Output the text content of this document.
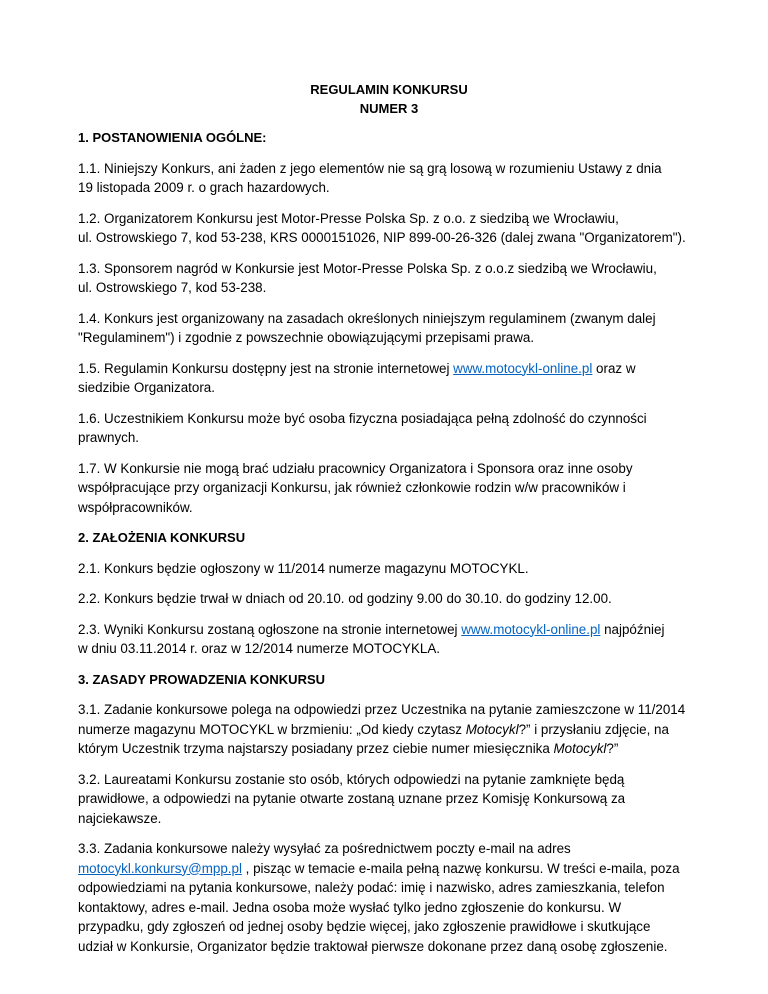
REGULAMIN KONKURSU
NUMER 3
1. POSTANOWIENIA OGÓLNE:
1.1. Niniejszy Konkurs, ani żaden z jego elementów nie są grą losową w rozumieniu Ustawy z dnia
19 listopada 2009 r. o grach hazardowych.
1.2. Organizatorem Konkursu jest Motor-Presse Polska Sp. z o.o. z siedzibą we Wrocławiu,
ul. Ostrowskiego 7, kod 53-238, KRS 0000151026, NIP 899-00-26-326 (dalej zwana "Organizatorem").
1.3. Sponsorem nagród w Konkursie jest Motor-Presse Polska Sp. z o.o.z siedzibą we Wrocławiu,
ul. Ostrowskiego 7, kod 53-238.
1.4. Konkurs jest organizowany na zasadach określonych niniejszym regulaminem (zwanym dalej
"Regulaminem") i zgodnie z powszechnie obowiązującymi przepisami prawa.
1.5. Regulamin Konkursu dostępny jest na stronie internetowej www.motocykl-online.pl oraz w
siedzibie Organizatora.
1.6. Uczestnikiem Konkursu może być osoba fizyczna posiadająca pełną zdolność do czynności
prawnych.
1.7. W Konkursie nie mogą brać udziału pracownicy Organizatora i Sponsora oraz inne osoby
współpracujące przy organizacji Konkursu, jak również członkowie rodzin w/w pracowników i
współpracowników.
2. ZAŁOŻENIA KONKURSU
2.1. Konkurs będzie ogłoszony w 11/2014 numerze magazynu MOTOCYKL.
2.2. Konkurs będzie trwał w dniach od 20.10. od godziny 9.00 do 30.10. do godziny 12.00.
2.3. Wyniki Konkursu zostaną ogłoszone na stronie internetowej www.motocykl-online.pl najpóźniej
w dniu 03.11.2014 r. oraz w 12/2014 numerze MOTOCYKLA.
3. ZASADY PROWADZENIA KONKURSU
3.1. Zadanie konkursowe polega na odpowiedzi przez Uczestnika na pytanie zamieszczone w 11/2014
numerze magazynu MOTOCYKL w brzmieniu: „Od kiedy czytasz Motocykl?” i przysłaniu zdjęcie, na
którym Uczestnik trzyma najstarszy posiadany przez ciebie numer miesięcznika Motocykl?”
3.2. Laureatami Konkursu zostanie sto osób, których odpowiedzi na pytanie zamknięte będą
prawidłowe, a odpowiedzi na pytanie otwarte zostaną uznane przez Komisję Konkursową za
najciekawsze.
3.3. Zadania konkursowe należy wysyłać za pośrednictwem poczty e-mail na adres
motocykl.konkursy@mpp.pl , pisząc w temacie e-maila pełną nazwę konkursu. W treści e-maila, poza
odpowiedziami na pytania konkursowe, należy podać: imię i nazwisko, adres zamieszkania, telefon
kontaktowy, adres e-mail. Jedna osoba może wysłać tylko jedno zgłoszenie do konkursu. W
przypadku, gdy zgłoszeń od jednej osoby będzie więcej, jako zgłoszenie prawidłowe i skutkujące
udział w Konkursie, Organizator będzie traktował pierwsze dokonane przez daną osobę zgłoszenie.
